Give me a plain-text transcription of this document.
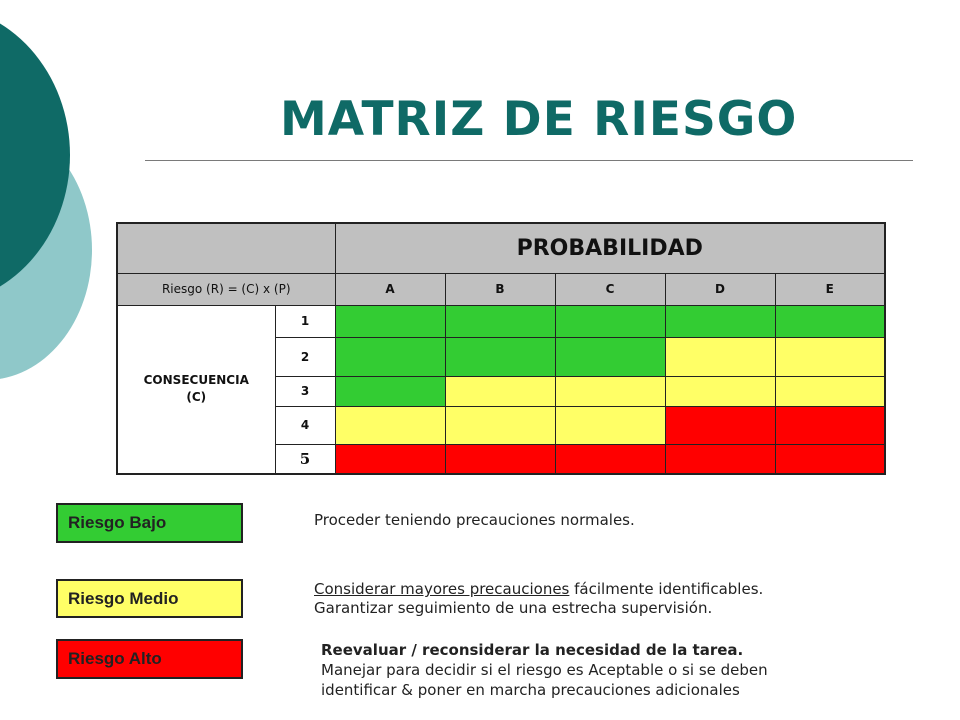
MATRIZ DE RIESGO
		PROBABILIDAD				
Riesgo (R) = (C) x (P)		A	B	C	D	E
CONSECUENCIA
(C)	1					
	2					
	3					
	4					
	5					
Riesgo Bajo	Proceder teniendo precauciones normales.
Riesgo Medio	Considerar mayores precauciones fácilmente identificables.
Garantizar seguimiento de una estrecha supervisión.
Riesgo Alto	Reevaluar / reconsiderar la necesidad de la tarea.
Manejar para decidir si el riesgo es Aceptable o si se deben
identificar & poner en marcha precauciones adicionales
